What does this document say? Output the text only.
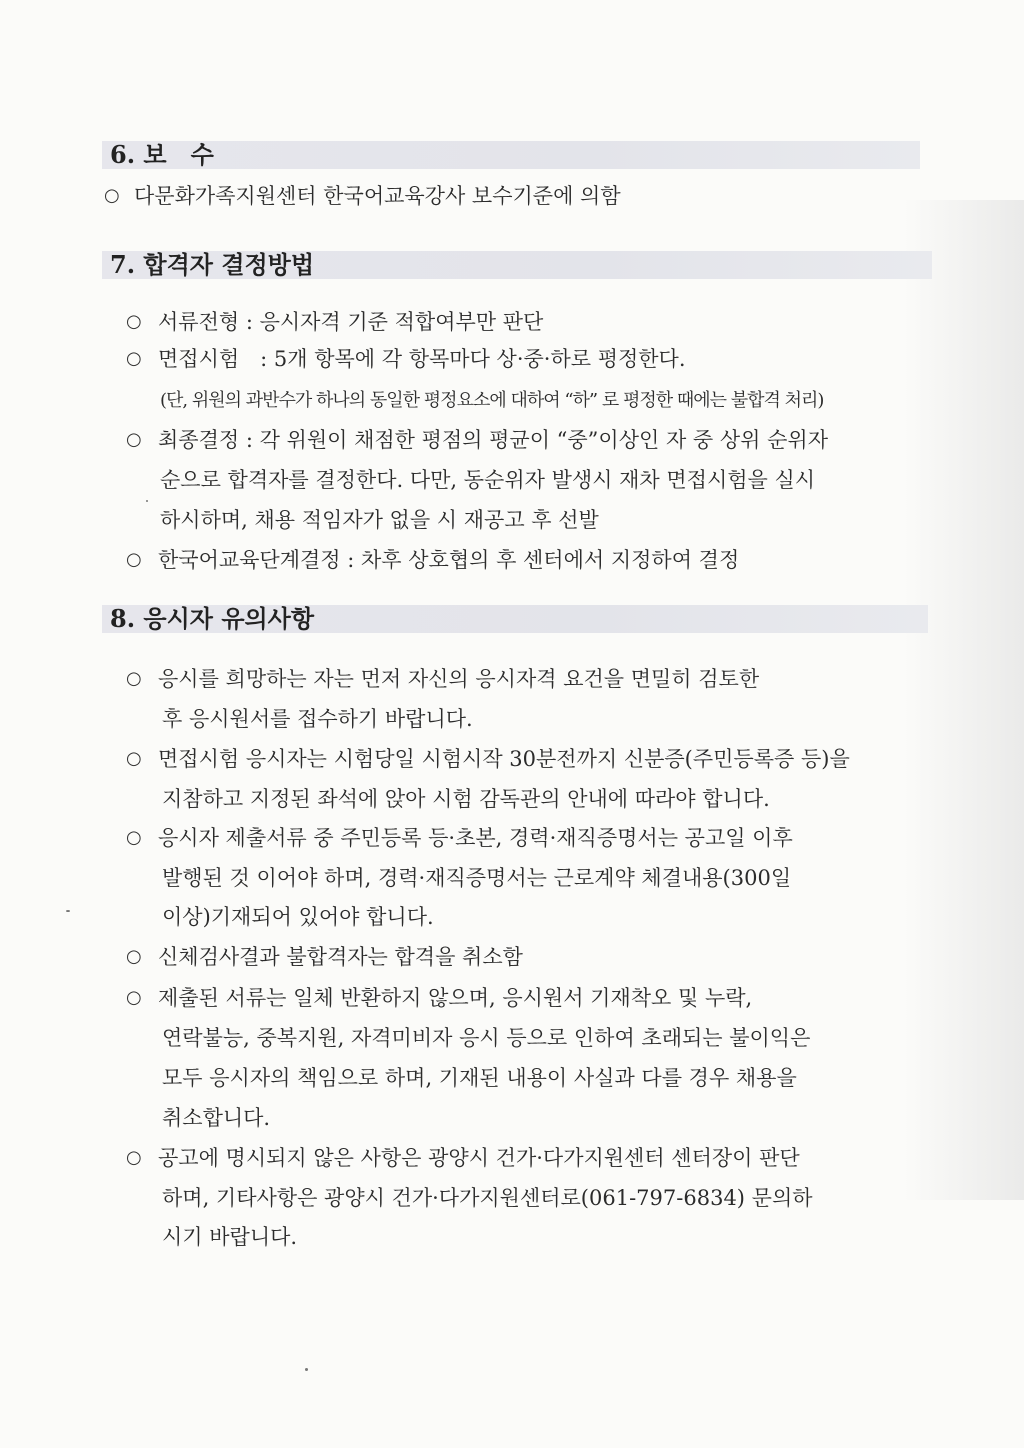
6. 보　수
○ 다문화가족지원센터 한국어교육강사 보수기준에 의함
7. 합격자 결정방법
○ 서류전형 : 응시자격 기준 적합여부만 판단
○ 면접시험　: 5개 항목에 각 항목마다 상·중·하로 평정한다.
(단, 위원의 과반수가 하나의 동일한 평정요소에 대하여 “하” 로 평정한 때에는 불합격 처리)
○ 최종결정 : 각 위원이 채점한 평점의 평균이 “중”이상인 자 중 상위 순위자
순으로 합격자를 결정한다. 다만, 동순위자 발생시 재차 면접시험을 실시
하시하며, 채용 적임자가 없을 시 재공고 후 선발
○ 한국어교육단계결정 : 차후 상호협의 후 센터에서 지정하여 결정
8. 응시자 유의사항
○ 응시를 희망하는 자는 먼저 자신의 응시자격 요건을 면밀히 검토한
후 응시원서를 접수하기 바랍니다.
○ 면접시험 응시자는 시험당일 시험시작 30분전까지 신분증(주민등록증 등)을
지참하고 지정된 좌석에 앉아 시험 감독관의 안내에 따라야 합니다.
○ 응시자 제출서류 중 주민등록 등·초본, 경력·재직증명서는 공고일 이후
발행된 것 이어야 하며, 경력·재직증명서는 근로계약 체결내용(300일
이상)기재되어 있어야 합니다.
○ 신체검사결과 불합격자는 합격을 취소함
○ 제출된 서류는 일체 반환하지 않으며, 응시원서 기재착오 및 누락,
연락불능, 중복지원, 자격미비자 응시 등으로 인하여 초래되는 불이익은
모두 응시자의 책임으로 하며, 기재된 내용이 사실과 다를 경우 채용을
취소합니다.
○ 공고에 명시되지 않은 사항은 광양시 건가·다가지원센터 센터장이 판단
하며, 기타사항은 광양시 건가·다가지원센터로(061-797-6834) 문의하
시기 바랍니다.
